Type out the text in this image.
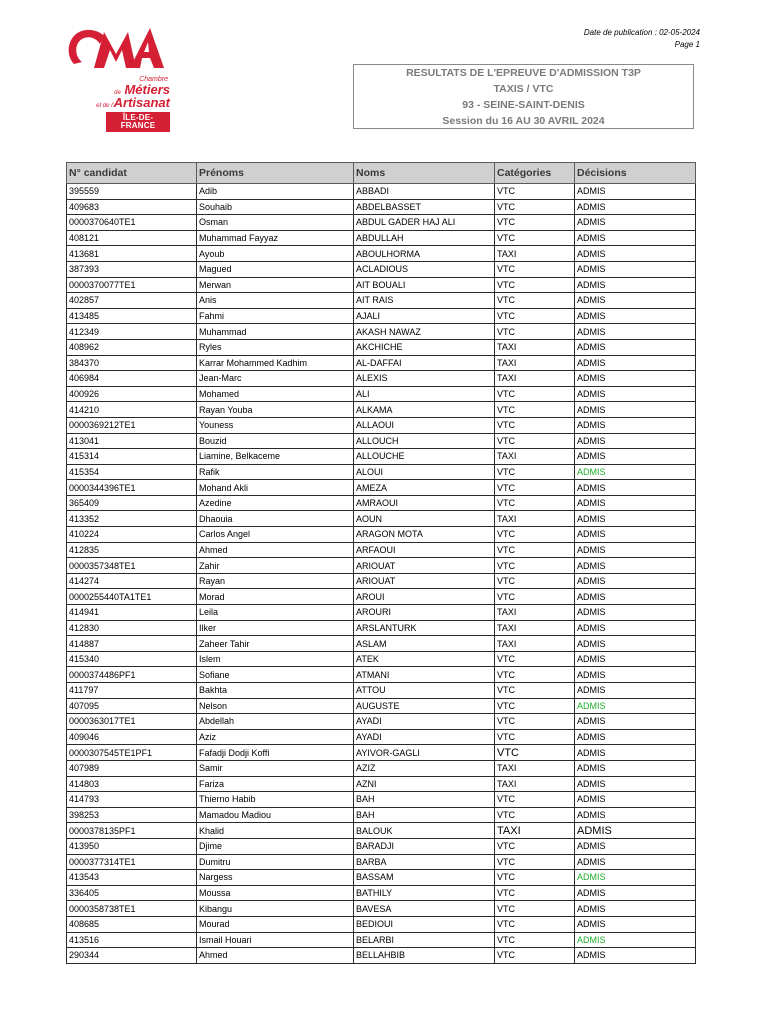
Date de publication : 02-05-2024
Page 1
Chambre
de Métiers
et de l'Artisanat
ÎLE-DE-FRANCE
RESULTATS DE L'EPREUVE D'ADMISSION T3P
TAXIS / VTC
93 - SEINE-SAINT-DENIS
Session du 16 AU 30 AVRIL 2024
N° candidat	Prénoms	Noms	Catégories	Décisions
395559	Adib	ABBADI	VTC	ADMIS
409683	Souhaib	ABDELBASSET	VTC	ADMIS
0000370640TE1	Osman	ABDUL GADER HAJ ALI	VTC	ADMIS
408121	Muhammad Fayyaz	ABDULLAH	VTC	ADMIS
413681	Ayoub	ABOULHORMA	TAXI	ADMIS
387393	Magued	ACLADIOUS	VTC	ADMIS
0000370077TE1	Merwan	AIT BOUALI	VTC	ADMIS
402857	Anis	AIT RAIS	VTC	ADMIS
413485	Fahmi	AJALI	VTC	ADMIS
412349	Muhammad	AKASH NAWAZ	VTC	ADMIS
408962	Ryles	AKCHICHE	TAXI	ADMIS
384370	Karrar Mohammed Kadhim	AL-DAFFAI	TAXI	ADMIS
406984	Jean-Marc	ALEXIS	TAXI	ADMIS
400926	Mohamed	ALI	VTC	ADMIS
414210	Rayan Youba	ALKAMA	VTC	ADMIS
0000369212TE1	Youness	ALLAOUI	VTC	ADMIS
413041	Bouzid	ALLOUCH	VTC	ADMIS
415314	Liamine, Belkaceme	ALLOUCHE	TAXI	ADMIS
415354	Rafik	ALOUI	VTC	ADMIS
0000344396TE1	Mohand Akli	AMEZA	VTC	ADMIS
365409	Azedine	AMRAOUI	VTC	ADMIS
413352	Dhaouia	AOUN	TAXI	ADMIS
410224	Carlos Angel	ARAGON MOTA	VTC	ADMIS
412835	Ahmed	ARFAOUI	VTC	ADMIS
0000357348TE1	Zahir	ARIOUAT	VTC	ADMIS
414274	Rayan	ARIOUAT	VTC	ADMIS
0000255440TA1TE1	Morad	AROUI	VTC	ADMIS
414941	Leila	AROURI	TAXI	ADMIS
412830	Ilker	ARSLANTURK	TAXI	ADMIS
414887	Zaheer Tahir	ASLAM	TAXI	ADMIS
415340	Islem	ATEK	VTC	ADMIS
0000374486PF1	Sofiane	ATMANI	VTC	ADMIS
411797	Bakhta	ATTOU	VTC	ADMIS
407095	Nelson	AUGUSTE	VTC	ADMIS
0000363017TE1	Abdellah	AYADI	VTC	ADMIS
409046	Aziz	AYADI	VTC	ADMIS
0000307545TE1PF1	Fafadji Dodji Koffi	AYIVOR-GAGLI	VTC	ADMIS
407989	Samir	AZIZ	TAXI	ADMIS
414803	Fariza	AZNI	TAXI	ADMIS
414793	Thierno Habib	BAH	VTC	ADMIS
398253	Mamadou Madiou	BAH	VTC	ADMIS
0000378135PF1	Khalid	BALOUK	TAXI	ADMIS
413950	Djime	BARADJI	VTC	ADMIS
0000377314TE1	Dumitru	BARBA	VTC	ADMIS
413543	Nargess	BASSAM	VTC	ADMIS
336405	Moussa	BATHILY	VTC	ADMIS
0000358738TE1	Kibangu	BAVESA	VTC	ADMIS
408685	Mourad	BEDIOUI	VTC	ADMIS
413516	Ismail Houari	BELARBI	VTC	ADMIS
290344	Ahmed	BELLAHBIB	VTC	ADMIS
